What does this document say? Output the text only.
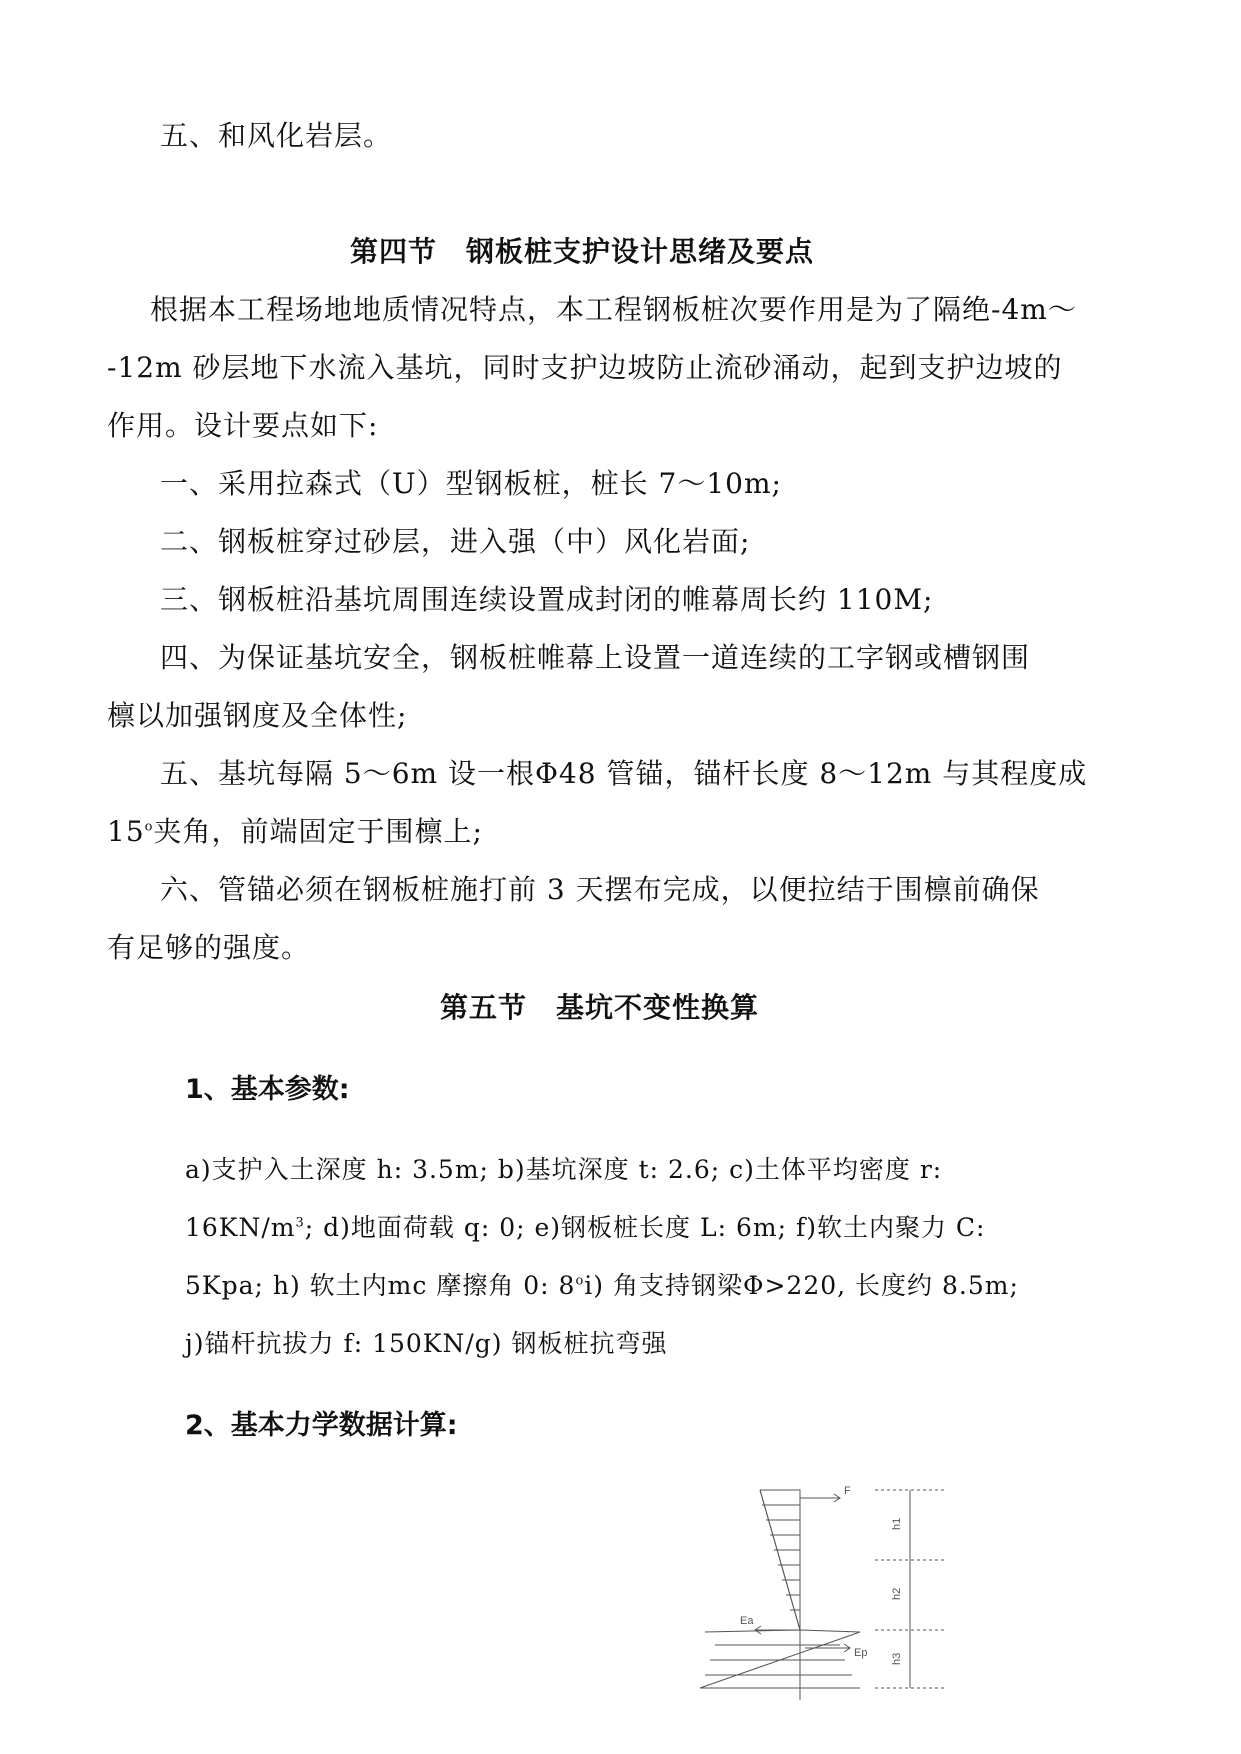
五、和风化岩层。
第四节　钢板桩支护设计思绪及要点
根据本工程场地地质情况特点，本工程钢板桩次要作用是为了隔绝-4m～
-12m 砂层地下水流入基坑，同时支护边坡防止流砂涌动，起到支护边坡的
作用。设计要点如下:
一、采用拉森式（U）型钢板桩，桩长 7～10m;
二、钢板桩穿过砂层，进入强（中）风化岩面;
三、钢板桩沿基坑周围连续设置成封闭的帷幕周长约 110M;
四、为保证基坑安全，钢板桩帷幕上设置一道连续的工字钢或槽钢围
檩以加强钢度及全体性;
五、基坑每隔 5～6m 设一根Φ48 管锚，锚杆长度 8～12m 与其程度成
15$^o$夹角，前端固定于围檩上;
六、管锚必须在钢板桩施打前 3 天摆布完成，以便拉结于围檩前确保
有足够的强度。
第五节　基坑不变性换算
1、基本参数:
a)支护入土深度 h: 3.5m; b)基坑深度 t: 2.6; c)土体平均密度 r:
$16KN/m^3$; d)地面荷载 q: 0; e)钢板桩长度 L: 6m; f)软土内聚力 C:
5Kpa; h) 软土内mc 摩擦角 0: 8$^o$i) 角支持钢梁Φ>220, 长度约 8.5m;
j)锚杆抗拔力 f: 150KN/g) 钢板桩抗弯强
2、基本力学数据计算:
F
Ea
Ep
h1
h2
h3
